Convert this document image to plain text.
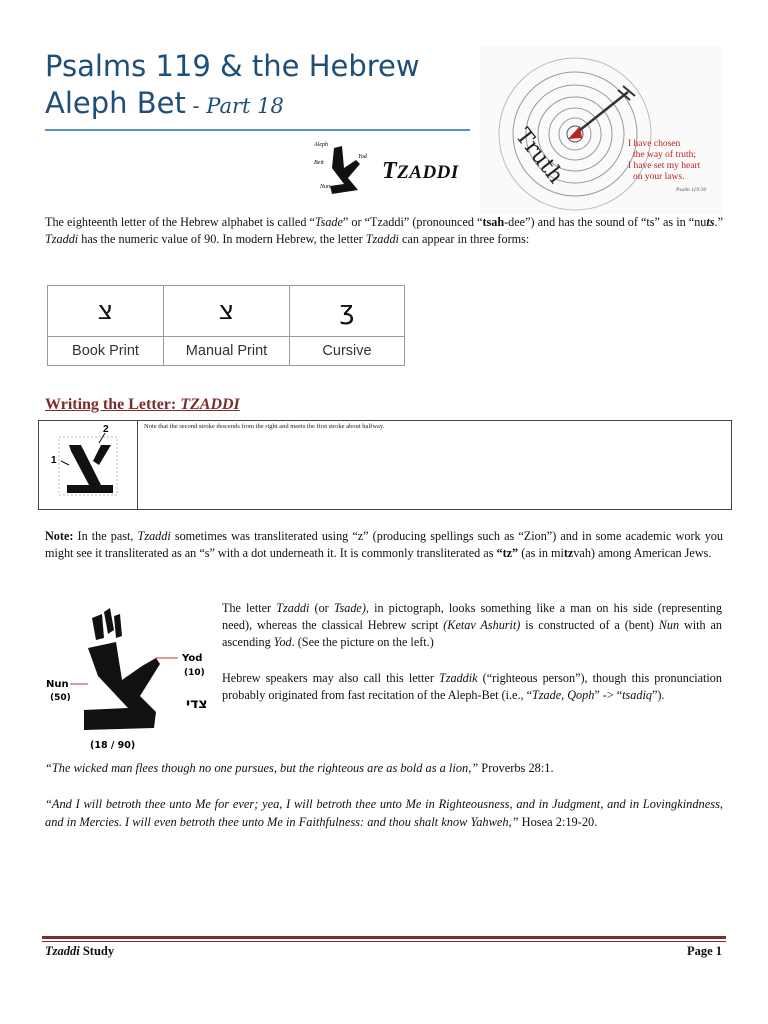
Psalms 119 & the Hebrew
Aleph Bet - Part 18
Truth	I have chosen
the way of truth;
I have set my heart
on your laws.
Psalm 119:30
Aleph
Beit
Nun
Yod
TZADDI
The eighteenth letter of the Hebrew alphabet is called “Tsade” or “Tzaddi” (pronounced “tsah-dee”) and has the sound of “ts” as in “nuts.” Tzaddi has the numeric value of 90. In modern Hebrew, the letter Tzaddi can appear in three forms:
צ	צ	ʒ
Book Print	Manual Print	Cursive
Writing the Letter: TZADDI
1
2	Note that the second stroke descends from the right and meets the first stroke about halfway.
Note: In the past, Tzaddi sometimes was transliterated using “z” (producing spellings such as “Zion”) and in some academic work you might see it transliterated as an “s” with a dot underneath it. It is commonly transliterated as “tz” (as in mitzvah) among American Jews.
Yod
(10)
Nun
(50)	צדי
(18 / 90)
The letter Tzaddi (or Tsade), in pictograph, looks something like a man on his side (representing need), whereas the classical Hebrew script (Ketav Ashurit) is constructed of a (bent) Nun with an ascending Yod. (See the picture on the left.)
Hebrew speakers may also call this letter Tzaddik (“righteous person”), though this pronunciation probably originated from fast recitation of the Aleph-Bet (i.e., “Tzade, Qoph” -> “tsadiq”).
“The wicked man flees though no one pursues, but the righteous are as bold as a lion,” Proverbs 28:1.
“And I will betroth thee unto Me for ever; yea, I will betroth thee unto Me in Righteousness, and in Judgment, and in Lovingkindness, and in Mercies. I will even betroth thee unto Me in Faithfulness: and thou shalt know Yahweh,” Hosea 2:19-20.
Tzaddi Study	Page 1
